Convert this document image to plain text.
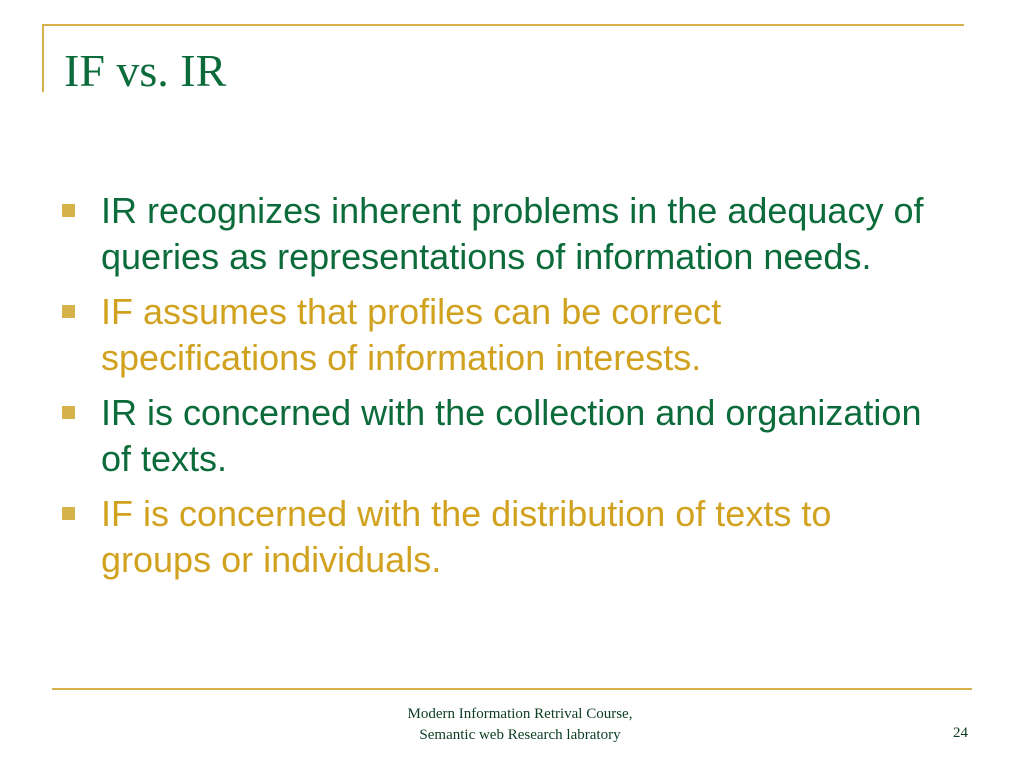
IF vs. IR
IR recognizes inherent problems in the adequacy of queries as representations of information needs.
IF assumes that profiles can be correct specifications of information interests.
IR is concerned with the collection and organization of texts.
IF is concerned with the distribution of texts to groups or individuals.
Modern Information Retrival Course,
Semantic web Research labratory	24
